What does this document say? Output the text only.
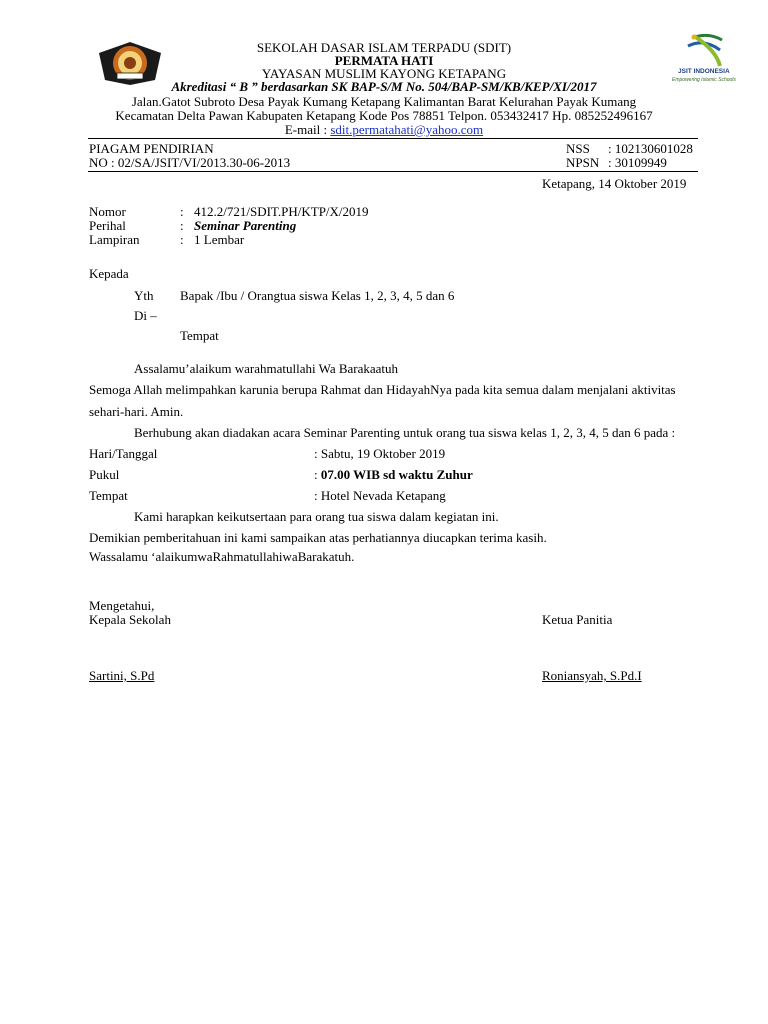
JSIT INDONESIA
Empowering Islamic Schools
SEKOLAH DASAR ISLAM TERPADU (SDIT)
PERMATA HATI
YAYASAN MUSLIM KAYONG KETAPANG
Akreditasi “ B ” berdasarkan SK BAP-S/M No. 504/BAP-SM/KB/KEP/XI/2017
Jalan.Gatot Subroto Desa Payak Kumang Ketapang Kalimantan Barat Kelurahan Payak Kumang
Kecamatan Delta Pawan Kabupaten Ketapang Kode Pos 78851 Telpon. 053432417 Hp. 085252496167
E-mail : sdit.permatahati@yahoo.com
PIAGAM PENDIRIAN
NO : 02/SA/JSIT/VI/2013.30-06-2013
NSS : 102130601028
NPSN : 30109949
Ketapang, 14 Oktober 2019
Nomor	: 412.2/721/SDIT.PH/KTP/X/2019
Perihal	: Seminar Parenting
Lampiran	: 1 Lembar
Kepada
Yth Bapak /Ibu / Orangtua siswa Kelas 1, 2, 3, 4, 5 dan 6
Di –
Tempat
Assalamu’alaikum warahmatullahi Wa Barakaatuh
Semoga Allah melimpahkan karunia berupa Rahmat dan HidayahNya pada kita semua dalam menjalani aktivitas
sehari-hari. Amin.
Berhubung akan diadakan acara Seminar Parenting untuk orang tua siswa kelas 1, 2, 3, 4, 5 dan 6 pada :
Hari/Tanggal	: Sabtu, 19 Oktober 2019
Pukul	: 07.00 WIB sd waktu Zuhur
Tempat	: Hotel Nevada Ketapang
Kami harapkan keikutsertaan para orang tua siswa dalam kegiatan ini.
Demikian pemberitahuan ini kami sampaikan atas perhatiannya diucapkan terima kasih.
Wassalamu ‘alaikumwaRahmatullahiwaBarakatuh.
Mengetahui,
Kepala Sekolah	Ketua Panitia
Sartini, S.Pd	Roniansyah, S.Pd.I
